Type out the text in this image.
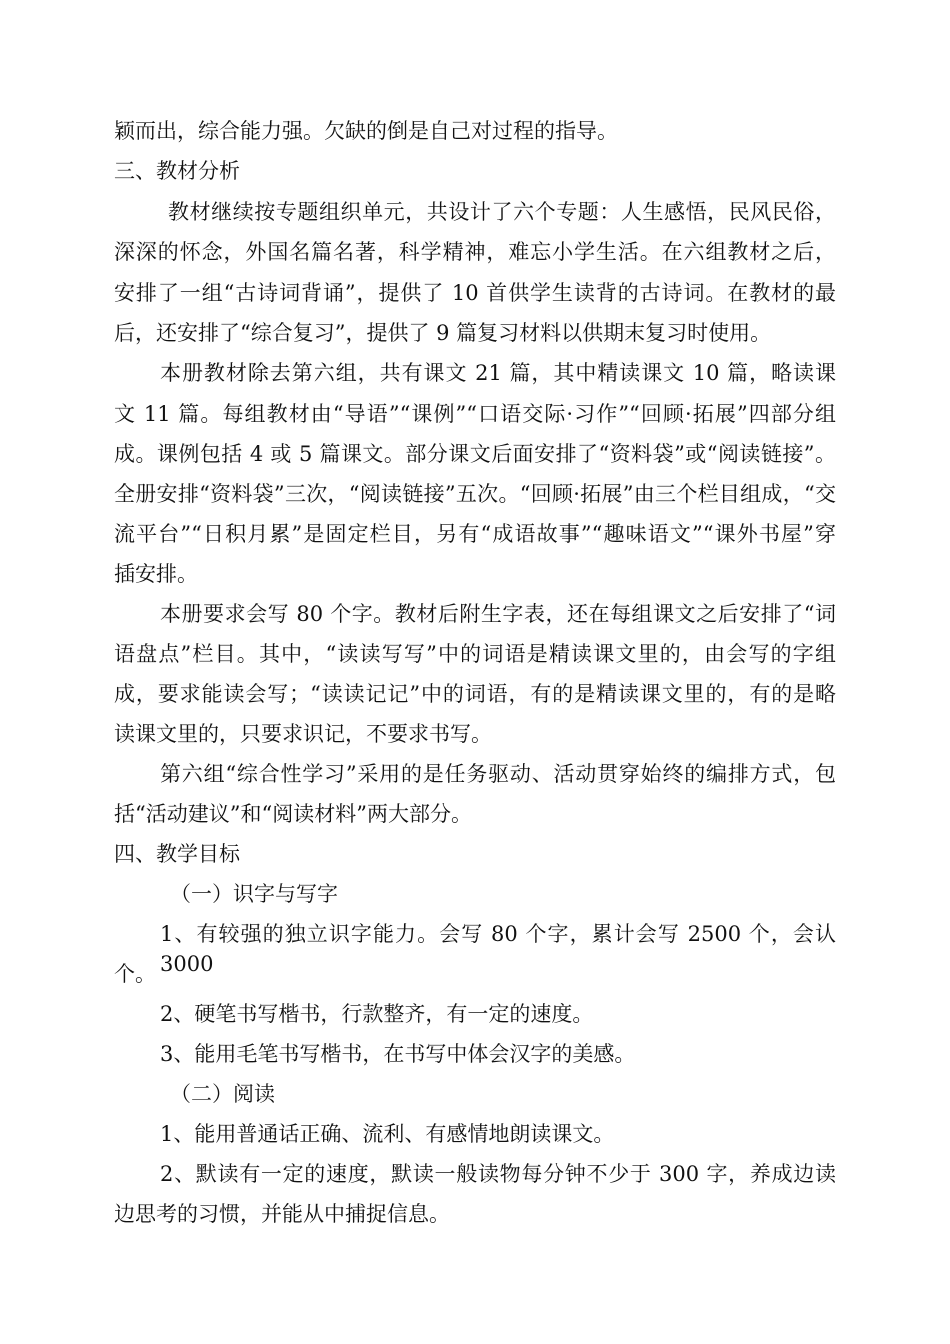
颖而出，综合能力强。欠缺的倒是自己对过程的指导。

三、教材分析

教材继续按专题组织单元，共设计了六个专题：人生感悟，民风民俗，

深深的怀念，外国名篇名著，科学精神，难忘小学生活。在六组教材之后，

安排了一组“古诗词背诵”，提供了 10 首供学生读背的古诗词。在教材的最

后，还安排了“综合复习”，提供了 9 篇复习材料以供期末复习时使用。

本册教材除去第六组，共有课文 21 篇，其中精读课文 10 篇，略读课

文 11 篇。每组教材由“导语”“课例”“口语交际·习作”“回顾·拓展”四部分组

成。课例包括 4 或 5 篇课文。部分课文后面安排了“资料袋”或“阅读链接”。

全册安排“资料袋”三次，“阅读链接”五次。“回顾·拓展”由三个栏目组成，“交

流平台”“日积月累”是固定栏目，另有“成语故事”“趣味语文”“课外书屋”穿

插安排。

本册要求会写 80 个字。教材后附生字表，还在每组课文之后安排了“词

语盘点”栏目。其中，“读读写写”中的词语是精读课文里的，由会写的字组

成，要求能读会写；“读读记记”中的词语，有的是精读课文里的，有的是略

读课文里的，只要求识记，不要求书写。

第六组“综合性学习”采用的是任务驱动、活动贯穿始终的编排方式，包

括“活动建议”和“阅读材料”两大部分。

四、教学目标

（一）识字与写字

1、有较强的独立识字能力。会写 80 个字，累计会写 2500 个，会认 3000

个。

2、硬笔书写楷书，行款整齐，有一定的速度。

3、能用毛笔书写楷书，在书写中体会汉字的美感。

（二）阅读

1、能用普通话正确、流利、有感情地朗读课文。

2、默读有一定的速度，默读一般读物每分钟不少于 300 字，养成边读

边思考的习惯，并能从中捕捉信息。
